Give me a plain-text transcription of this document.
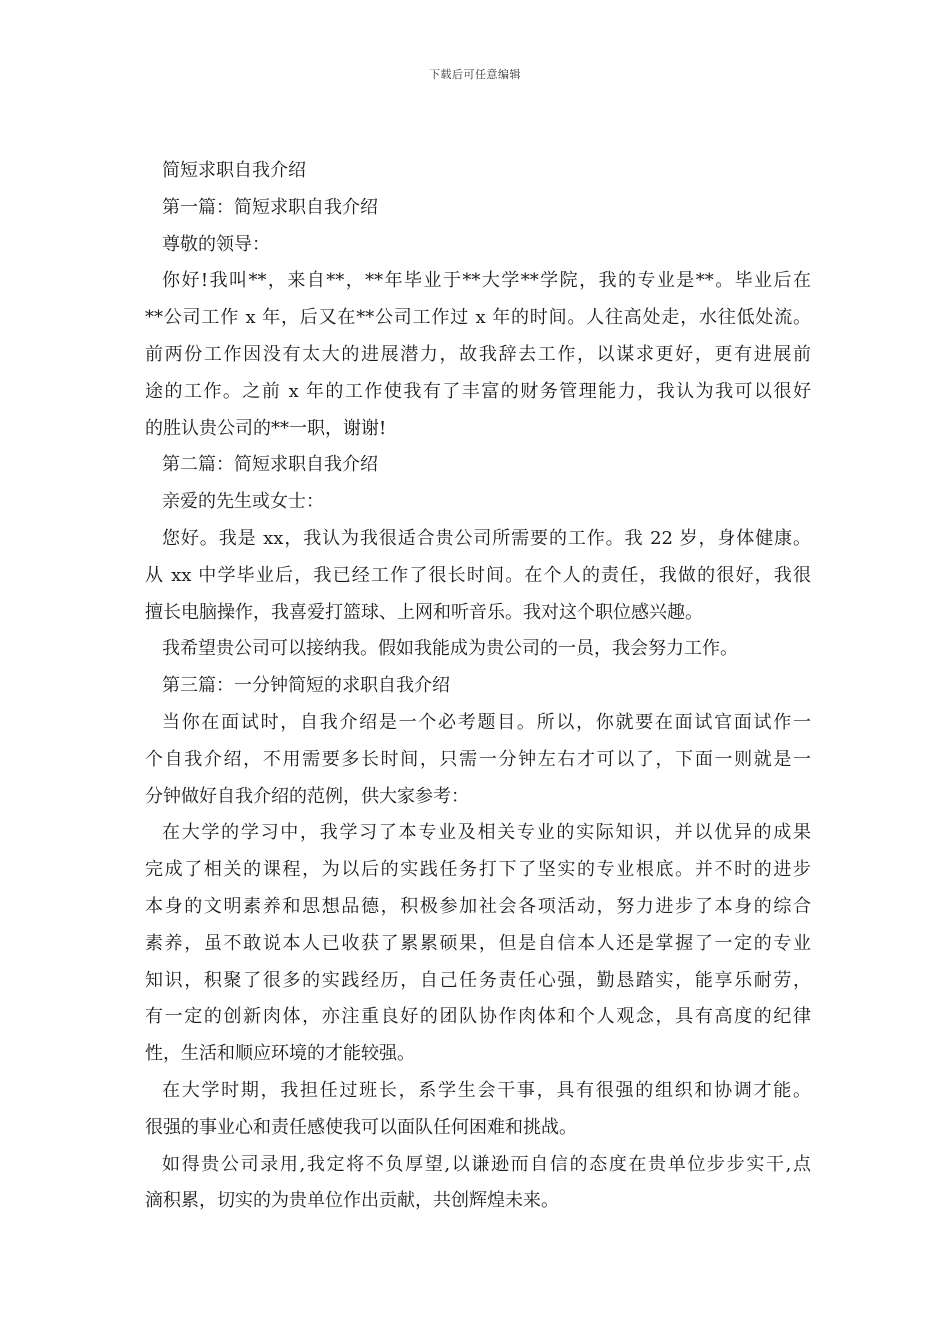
下载后可任意编辑
简短求职自我介绍
第一篇：简短求职自我介绍
尊敬的领导：
你好!我叫**，来自**，**年毕业于**大学**学院，我的专业是**。毕业后在
**公司工作 x 年，后又在**公司工作过 x 年的时间。人往高处走，水往低处流。
前两份工作因没有太大的进展潜力，故我辞去工作，以谋求更好，更有进展前
途的工作。之前 x 年的工作使我有了丰富的财务管理能力，我认为我可以很好
的胜认贵公司的**一职，谢谢!
第二篇：简短求职自我介绍
亲爱的先生或女士：
您好。我是 xx，我认为我很适合贵公司所需要的工作。我 22 岁，身体健康。
从 xx 中学毕业后，我已经工作了很长时间。在个人的责任，我做的很好，我很
擅长电脑操作，我喜爱打篮球、上网和听音乐。我对这个职位感兴趣。
我希望贵公司可以接纳我。假如我能成为贵公司的一员，我会努力工作。
第三篇：一分钟简短的求职自我介绍
当你在面试时，自我介绍是一个必考题目。所以，你就要在面试官面试作一
个自我介绍，不用需要多长时间，只需一分钟左右才可以了，下面一则就是一
分钟做好自我介绍的范例，供大家参考：
在大学的学习中，我学习了本专业及相关专业的实际知识，并以优异的成果
完成了相关的课程，为以后的实践任务打下了坚实的专业根底。并不时的进步
本身的文明素养和思想品德，积极参加社会各项活动，努力进步了本身的综合
素养，虽不敢说本人已收获了累累硕果，但是自信本人还是掌握了一定的专业
知识，积聚了很多的实践经历，自己任务责任心强，勤恳踏实，能享乐耐劳，
有一定的创新肉体，亦注重良好的团队协作肉体和个人观念，具有高度的纪律
性，生活和顺应环境的才能较强。
在大学时期，我担任过班长，系学生会干事，具有很强的组织和协调才能。
很强的事业心和责任感使我可以面队任何困难和挑战。
如得贵公司录用,我定将不负厚望,以谦逊而自信的态度在贵单位步步实干,点
滴积累，切实的为贵单位作出贡献，共创辉煌未来。
